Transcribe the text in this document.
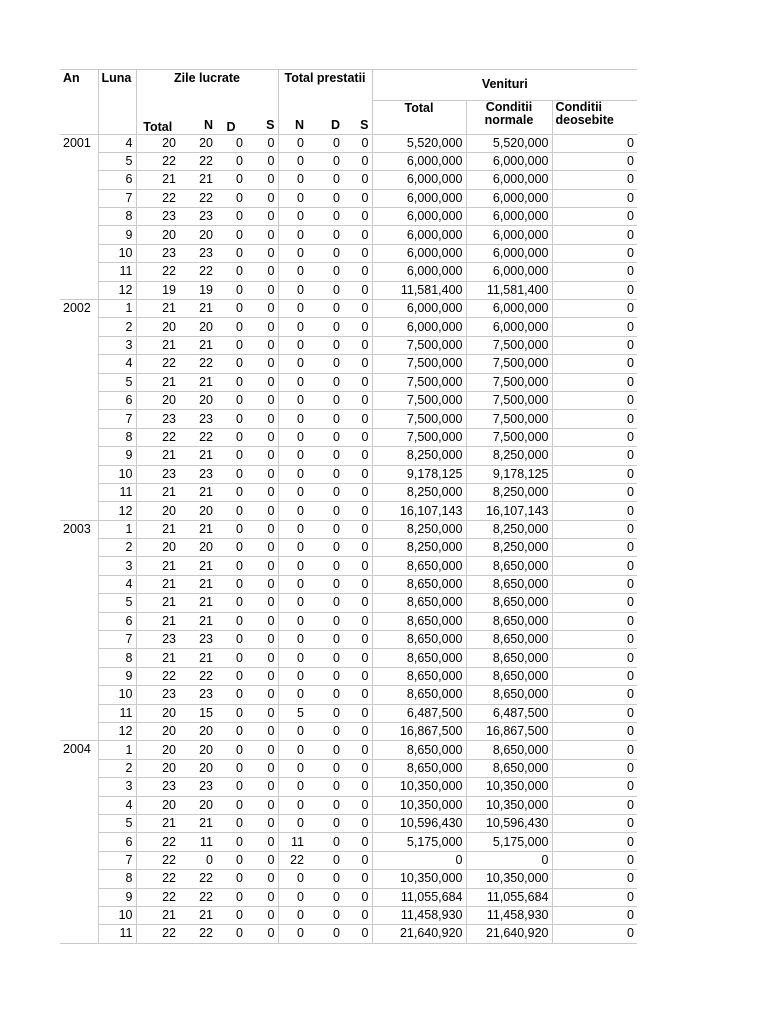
An	Luna	Zile lucrate				Total prestatii			Venituri		
		Total	N	D	S	N	D	S	Total	Conditii normale	Conditii deosebite
2001	4	20	20	0	0	0	0	0	5,520,000	5,520,000	0
	5	22	22	0	0	0	0	0	6,000,000	6,000,000	0
	6	21	21	0	0	0	0	0	6,000,000	6,000,000	0
	7	22	22	0	0	0	0	0	6,000,000	6,000,000	0
	8	23	23	0	0	0	0	0	6,000,000	6,000,000	0
	9	20	20	0	0	0	0	0	6,000,000	6,000,000	0
	10	23	23	0	0	0	0	0	6,000,000	6,000,000	0
	11	22	22	0	0	0	0	0	6,000,000	6,000,000	0
	12	19	19	0	0	0	0	0	11,581,400	11,581,400	0
2002	1	21	21	0	0	0	0	0	6,000,000	6,000,000	0
	2	20	20	0	0	0	0	0	6,000,000	6,000,000	0
	3	21	21	0	0	0	0	0	7,500,000	7,500,000	0
	4	22	22	0	0	0	0	0	7,500,000	7,500,000	0
	5	21	21	0	0	0	0	0	7,500,000	7,500,000	0
	6	20	20	0	0	0	0	0	7,500,000	7,500,000	0
	7	23	23	0	0	0	0	0	7,500,000	7,500,000	0
	8	22	22	0	0	0	0	0	7,500,000	7,500,000	0
	9	21	21	0	0	0	0	0	8,250,000	8,250,000	0
	10	23	23	0	0	0	0	0	9,178,125	9,178,125	0
	11	21	21	0	0	0	0	0	8,250,000	8,250,000	0
	12	20	20	0	0	0	0	0	16,107,143	16,107,143	0
2003	1	21	21	0	0	0	0	0	8,250,000	8,250,000	0
	2	20	20	0	0	0	0	0	8,250,000	8,250,000	0
	3	21	21	0	0	0	0	0	8,650,000	8,650,000	0
	4	21	21	0	0	0	0	0	8,650,000	8,650,000	0
	5	21	21	0	0	0	0	0	8,650,000	8,650,000	0
	6	21	21	0	0	0	0	0	8,650,000	8,650,000	0
	7	23	23	0	0	0	0	0	8,650,000	8,650,000	0
	8	21	21	0	0	0	0	0	8,650,000	8,650,000	0
	9	22	22	0	0	0	0	0	8,650,000	8,650,000	0
	10	23	23	0	0	0	0	0	8,650,000	8,650,000	0
	11	20	15	0	0	5	0	0	6,487,500	6,487,500	0
	12	20	20	0	0	0	0	0	16,867,500	16,867,500	0
2004	1	20	20	0	0	0	0	0	8,650,000	8,650,000	0
	2	20	20	0	0	0	0	0	8,650,000	8,650,000	0
	3	23	23	0	0	0	0	0	10,350,000	10,350,000	0
	4	20	20	0	0	0	0	0	10,350,000	10,350,000	0
	5	21	21	0	0	0	0	0	10,596,430	10,596,430	0
	6	22	11	0	0	11	0	0	5,175,000	5,175,000	0
	7	22	0	0	0	22	0	0	0	0	0
	8	22	22	0	0	0	0	0	10,350,000	10,350,000	0
	9	22	22	0	0	0	0	0	11,055,684	11,055,684	0
	10	21	21	0	0	0	0	0	11,458,930	11,458,930	0
	11	22	22	0	0	0	0	0	21,640,920	21,640,920	0
